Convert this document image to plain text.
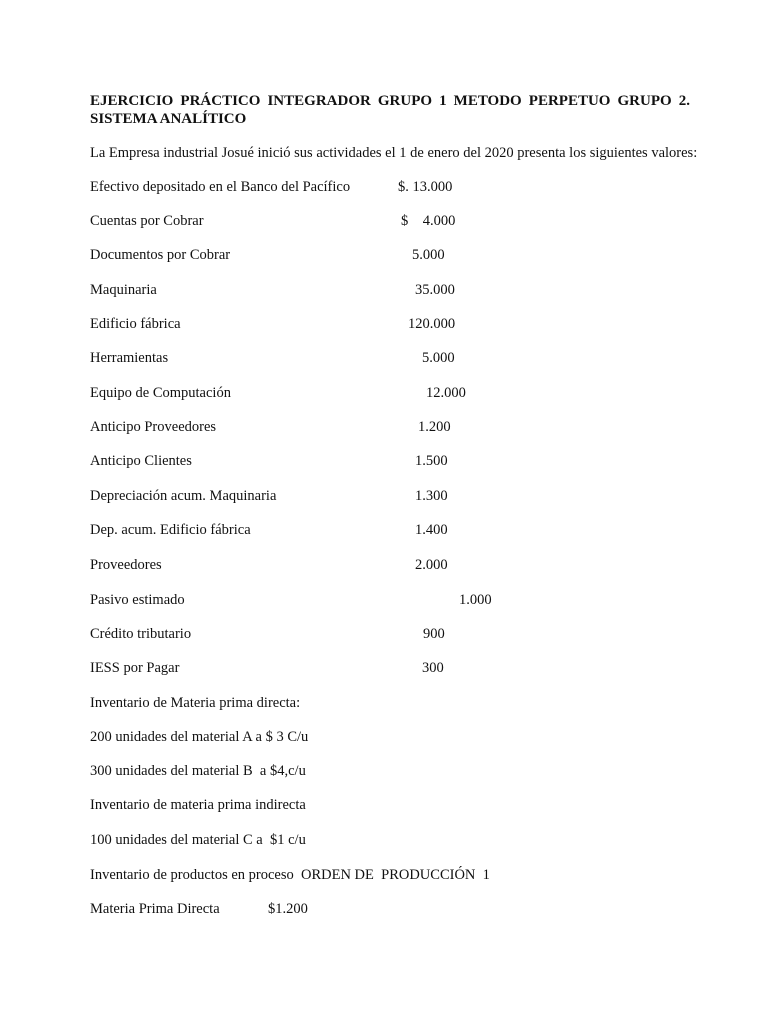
EJERCICIO PRÁCTICO INTEGRADOR GRUPO 1 METODO PERPETUO GRUPO 2. SISTEMA ANALÍTICO

La Empresa industrial Josué inició sus actividades el 1 de enero del 2020 presenta los siguientes valores:

Efectivo depositado en el Banco del Pacífico	$. 13.000
Cuentas por Cobrar	$    4.000
Documentos por Cobrar	5.000
Maquinaria	35.000
Edificio fábrica	120.000
Herramientas	5.000
Equipo de Computación	12.000
Anticipo Proveedores	1.200
Anticipo Clientes	1.500
Depreciación acum. Maquinaria	1.300
Dep. acum. Edificio fábrica	1.400
Proveedores	2.000
Pasivo estimado	1.000
Crédito tributario	900
IESS por Pagar	300
Inventario de Materia prima directa:
200 unidades del material A a $ 3 C/u
300 unidades del material B  a $4,c/u
Inventario de materia prima indirecta
100 unidades del material C a  $1 c/u
Inventario de productos en proceso  ORDEN DE  PRODUCCIÓN  1
Materia Prima Directa	$1.200
